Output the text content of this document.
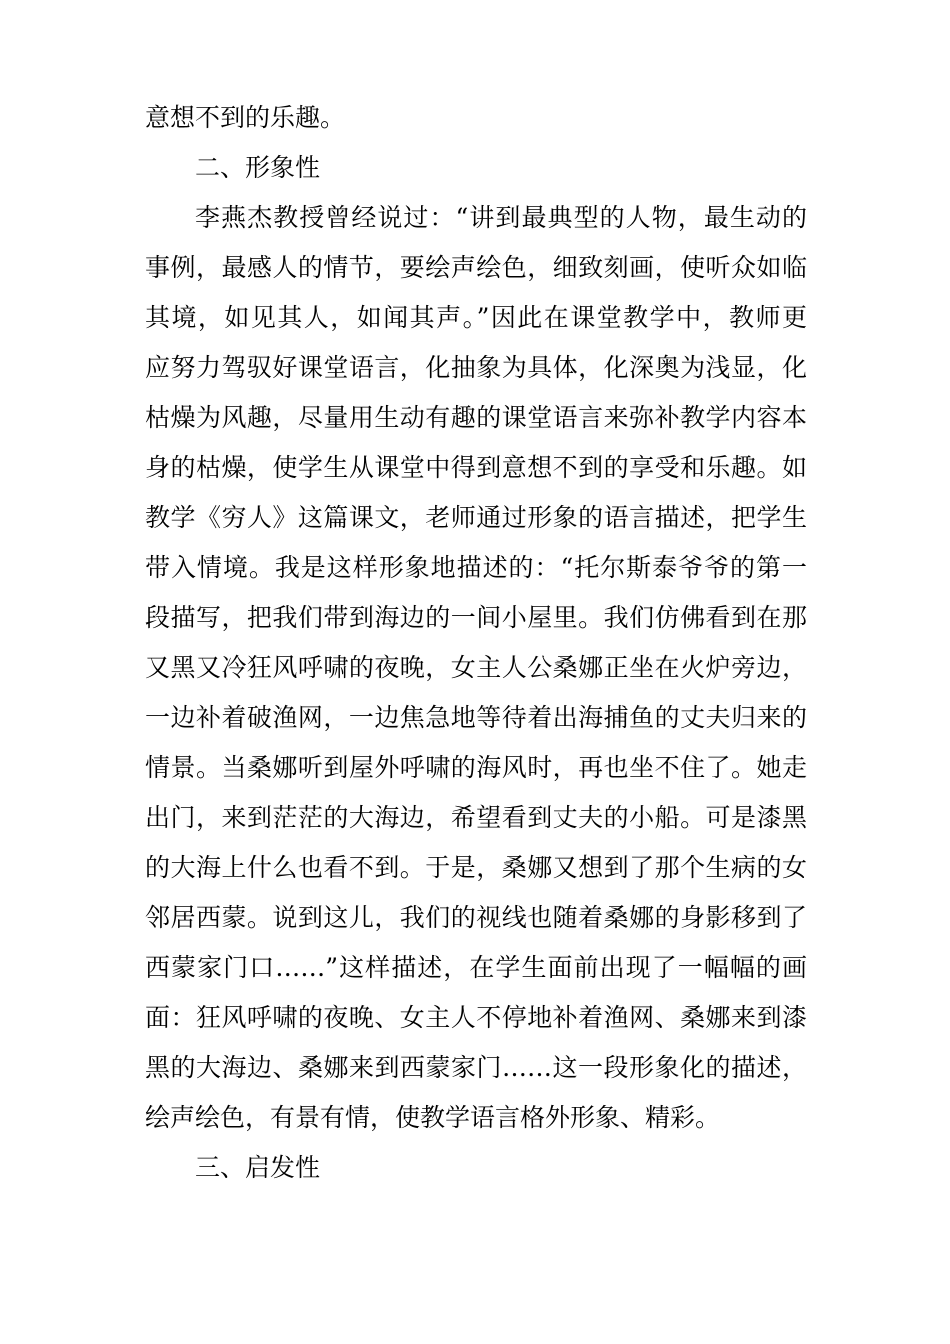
意想不到的乐趣。
二、形象性
李燕杰教授曾经说过：“讲到最典型的人物，最生动的
事例，最感人的情节，要绘声绘色，细致刻画，使听众如临
其境，如见其人，如闻其声。”因此在课堂教学中，教师更
应努力驾驭好课堂语言，化抽象为具体，化深奥为浅显，化
枯燥为风趣，尽量用生动有趣的课堂语言来弥补教学内容本
身的枯燥，使学生从课堂中得到意想不到的享受和乐趣。如
教学《穷人》这篇课文，老师通过形象的语言描述，把学生
带入情境。我是这样形象地描述的：“托尔斯泰爷爷的第一
段描写，把我们带到海边的一间小屋里。我们仿佛看到在那
又黑又冷狂风呼啸的夜晚，女主人公桑娜正坐在火炉旁边，
一边补着破渔网，一边焦急地等待着出海捕鱼的丈夫归来的
情景。当桑娜听到屋外呼啸的海风时，再也坐不住了。她走
出门，来到茫茫的大海边，希望看到丈夫的小船。可是漆黑
的大海上什么也看不到。于是，桑娜又想到了那个生病的女
邻居西蒙。说到这儿，我们的视线也随着桑娜的身影移到了
西蒙家门口……”这样描述，在学生面前出现了一幅幅的画
面：狂风呼啸的夜晚、女主人不停地补着渔网、桑娜来到漆
黑的大海边、桑娜来到西蒙家门……这一段形象化的描述，
绘声绘色，有景有情，使教学语言格外形象、精彩。
三、启发性
